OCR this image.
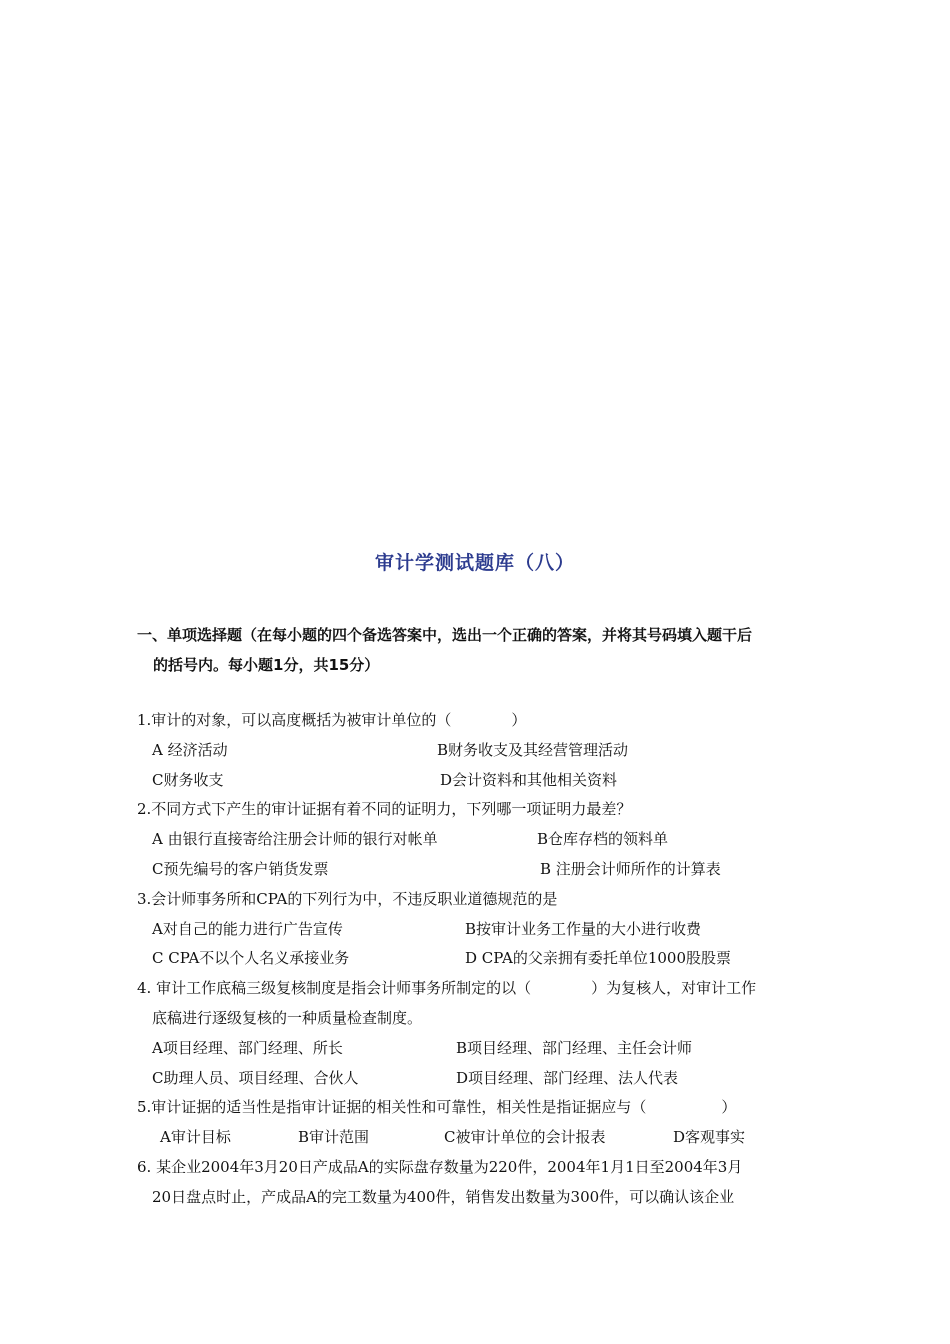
审计学测试题库（八）
一、单项选择题（在每小题的四个备选答案中，选出一个正确的答案，并将其号码填入题干后
的括号内。每小题1分，共15分）
1.审计的对象，可以高度概括为被审计单位的（　　　　）
A 经济活动	B财务收支及其经营管理活动
C财务收支	D会计资料和其他相关资料
2.不同方式下产生的审计证据有着不同的证明力，下列哪一项证明力最差？
A 由银行直接寄给注册会计师的银行对帐单	B仓库存档的领料单
C预先编号的客户销货发票	B 注册会计师所作的计算表
3.会计师事务所和CPA的下列行为中，不违反职业道德规范的是
A对自己的能力进行广告宣传	B按审计业务工作量的大小进行收费
C CPA不以个人名义承接业务	D CPA的父亲拥有委托单位1000股股票
4. 审计工作底稿三级复核制度是指会计师事务所制定的以（　　　　）为复核人，对审计工作
底稿进行逐级复核的一种质量检查制度。
A项目经理、部门经理、所长	B项目经理、部门经理、主任会计师
C助理人员、项目经理、合伙人	D项目经理、部门经理、法人代表
5.审计证据的适当性是指审计证据的相关性和可靠性，相关性是指证据应与（　　　　　）
A审计目标	B审计范围	C被审计单位的会计报表	D客观事实
6. 某企业2004年3月20日产成品A的实际盘存数量为220件，2004年1月1日至2004年3月
20日盘点时止，产成品A的完工数量为400件，销售发出数量为300件，可以确认该企业
